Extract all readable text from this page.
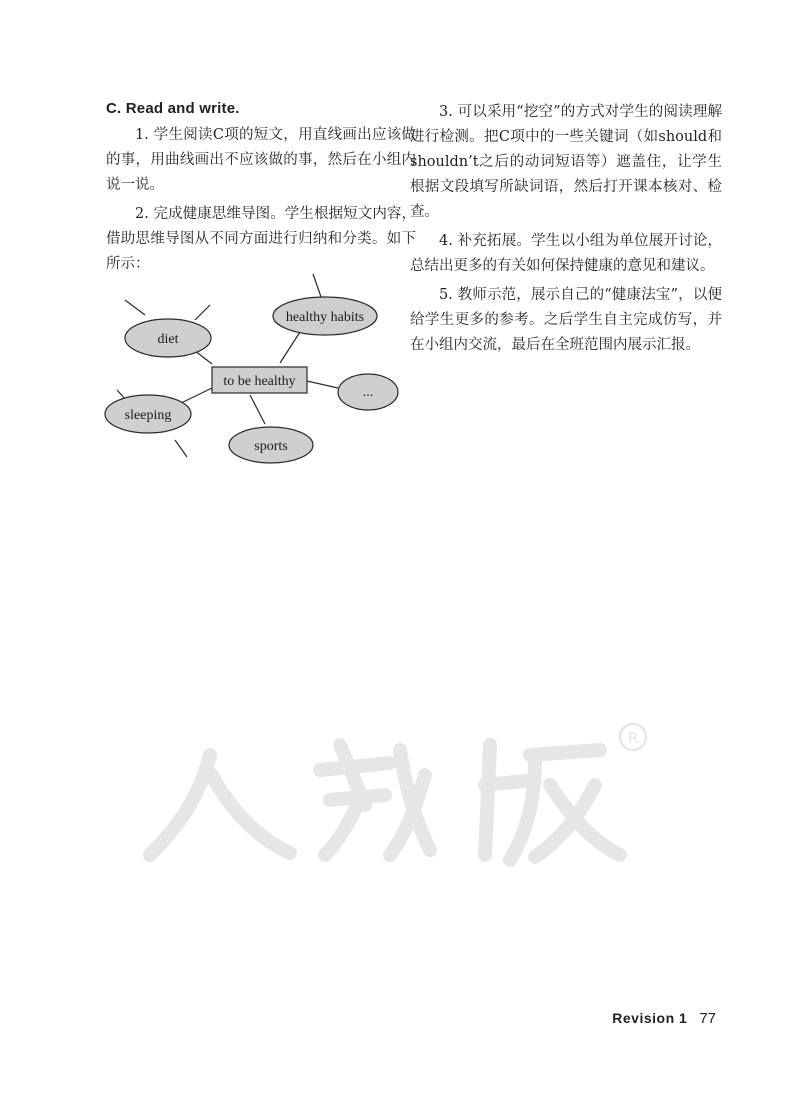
C. Read and write.

1. 学生阅读C项的短文，用直线画出应该做的事，用曲线画出不应该做的事，然后在小组内说一说。

2. 完成健康思维导图。学生根据短文内容，借助思维导图从不同方面进行归纳和分类。如下所示：

to be healthy
diet
healthy habits
...
sleeping
sports

3. 可以采用“挖空”的方式对学生的阅读理解进行检测。把C项中的一些关键词（如should和shouldn’t之后的动词短语等）遮盖住，让学生根据文段填写所缺词语，然后打开课本核对、检查。

4. 补充拓展。学生以小组为单位展开讨论，总结出更多的有关如何保持健康的意见和建议。

5. 教师示范，展示自己的“健康法宝”，以便给学生更多的参考。之后学生自主完成仿写，并在小组内交流，最后在全班范围内展示汇报。

R
Revision 1 77
